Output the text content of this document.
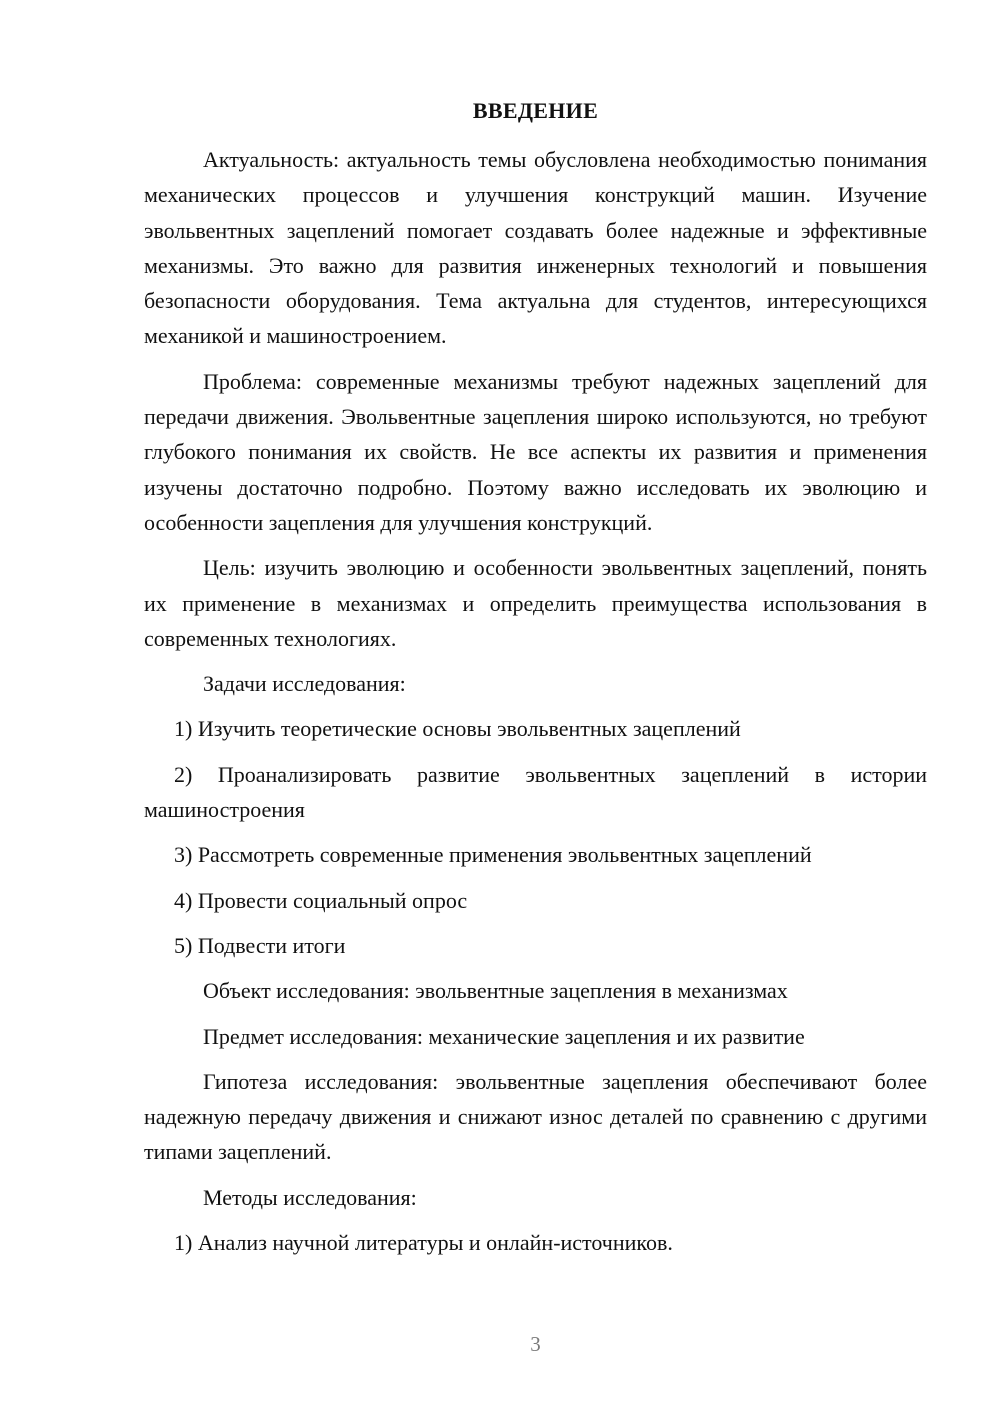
ВВЕДЕНИЕ

Актуальность: актуальность темы обусловлена необходимостью понимания механических процессов и улучшения конструкций машин. Изучение эвольвентных зацеплений помогает создавать более надежные и эффективные механизмы. Это важно для развития инженерных технологий и повышения безопасности оборудования. Тема актуальна для студентов, интересующихся механикой и машиностроением.

Проблема: современные механизмы требуют надежных зацеплений для передачи движения. Эвольвентные зацепления широко используются, но требуют глубокого понимания их свойств. Не все аспекты их развития и применения изучены достаточно подробно. Поэтому важно исследовать их эволюцию и особенности зацепления для улучшения конструкций.

Цель: изучить эволюцию и особенности эвольвентных зацеплений, понять их применение в механизмах и определить преимущества использования в современных технологиях.

Задачи исследования:

1) Изучить теоретические основы эвольвентных зацеплений

2) Проанализировать развитие эвольвентных зацеплений в истории машиностроения

3) Рассмотреть современные применения эвольвентных зацеплений

4) Провести социальный опрос

5) Подвести итоги

Объект исследования: эвольвентные зацепления в механизмах

Предмет исследования: механические зацепления и их развитие

Гипотеза исследования: эвольвентные зацепления обеспечивают более надежную передачу движения и снижают износ деталей по сравнению с другими типами зацеплений.

Методы исследования:

1) Анализ научной литературы и онлайн-источников.

3
